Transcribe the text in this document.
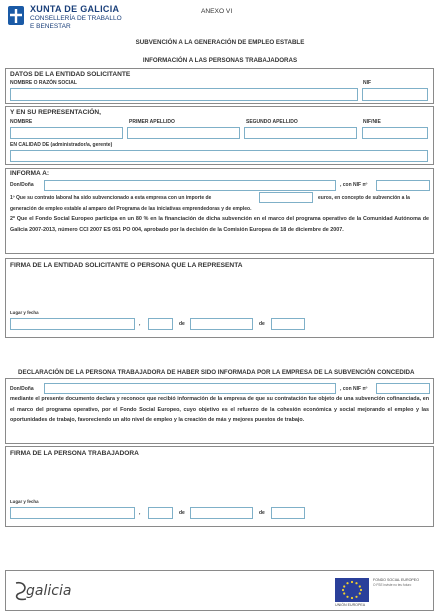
XUNTA DE GALICIA
CONSELLERÍA DE TRABALLO
E BENESTAR
ANEXO VI
SUBVENCIÓN A LA GENERACIÓN DE EMPLEO ESTABLE
INFORMACIÓN A LAS PERSONAS TRABAJADORAS
DATOS DE LA ENTIDAD SOLICITANTE
NOMBRE O RAZÓN SOCIAL	NIF
Y EN SU REPRESENTACIÓN,
NOMBRE	PRIMER APELLIDO	SEGUNDO APELLIDO	NIF/NIE
EN CALIDAD DE (administrador/a, gerente)
INFORMA A:
Don/Doña	, con NIF nº
1º Que su contrato laboral ha sido subvencionado a esta empresa con un importe de	euros, en concepto de subvención a la
generación de empleo estable al amparo del Programa de las iniciativas emprendedoras y de empleo.
2º Que el Fondo Social Europeo participa en un 80 % en la financiación de dicha subvención en el marco del programa operativo de la Comunidad Autónoma de Galicia 2007-2013, número CCI 2007 ES 051 PO 004, aprobado por la decisión de la Comisión Europea de 18 de diciembre de 2007.
FIRMA DE LA ENTIDAD SOLICITANTE O PERSONA QUE LA REPRESENTA
Lugar y fecha
,	de	de
DECLARACIÓN DE LA PERSONA TRABAJADORA DE HABER SIDO INFORMADA POR LA EMPRESA DE LA SUBVENCIÓN CONCEDIDA
Don/Doña	, con NIF nº
mediante el presente documento declara y reconoce que recibió información de la empresa de que su contratación fue objeto de una subvención cofinanciada, en el marco del programa operativo, por el Fondo Social Europeo, cuyo objetivo es el refuerzo de la cohesión económica y social mejorando el empleo y las oportunidades de trabajo, favoreciendo un alto nivel de empleo y la creación de más y mejores puestos de trabajo.
FIRMA DE LA PERSONA TRABAJADORA
Lugar y fecha
,	de	de
galicia
FONDO SOCIAL EUROPEO
O FSE inviste no teu futuro
UNIÓN EUROPEA
